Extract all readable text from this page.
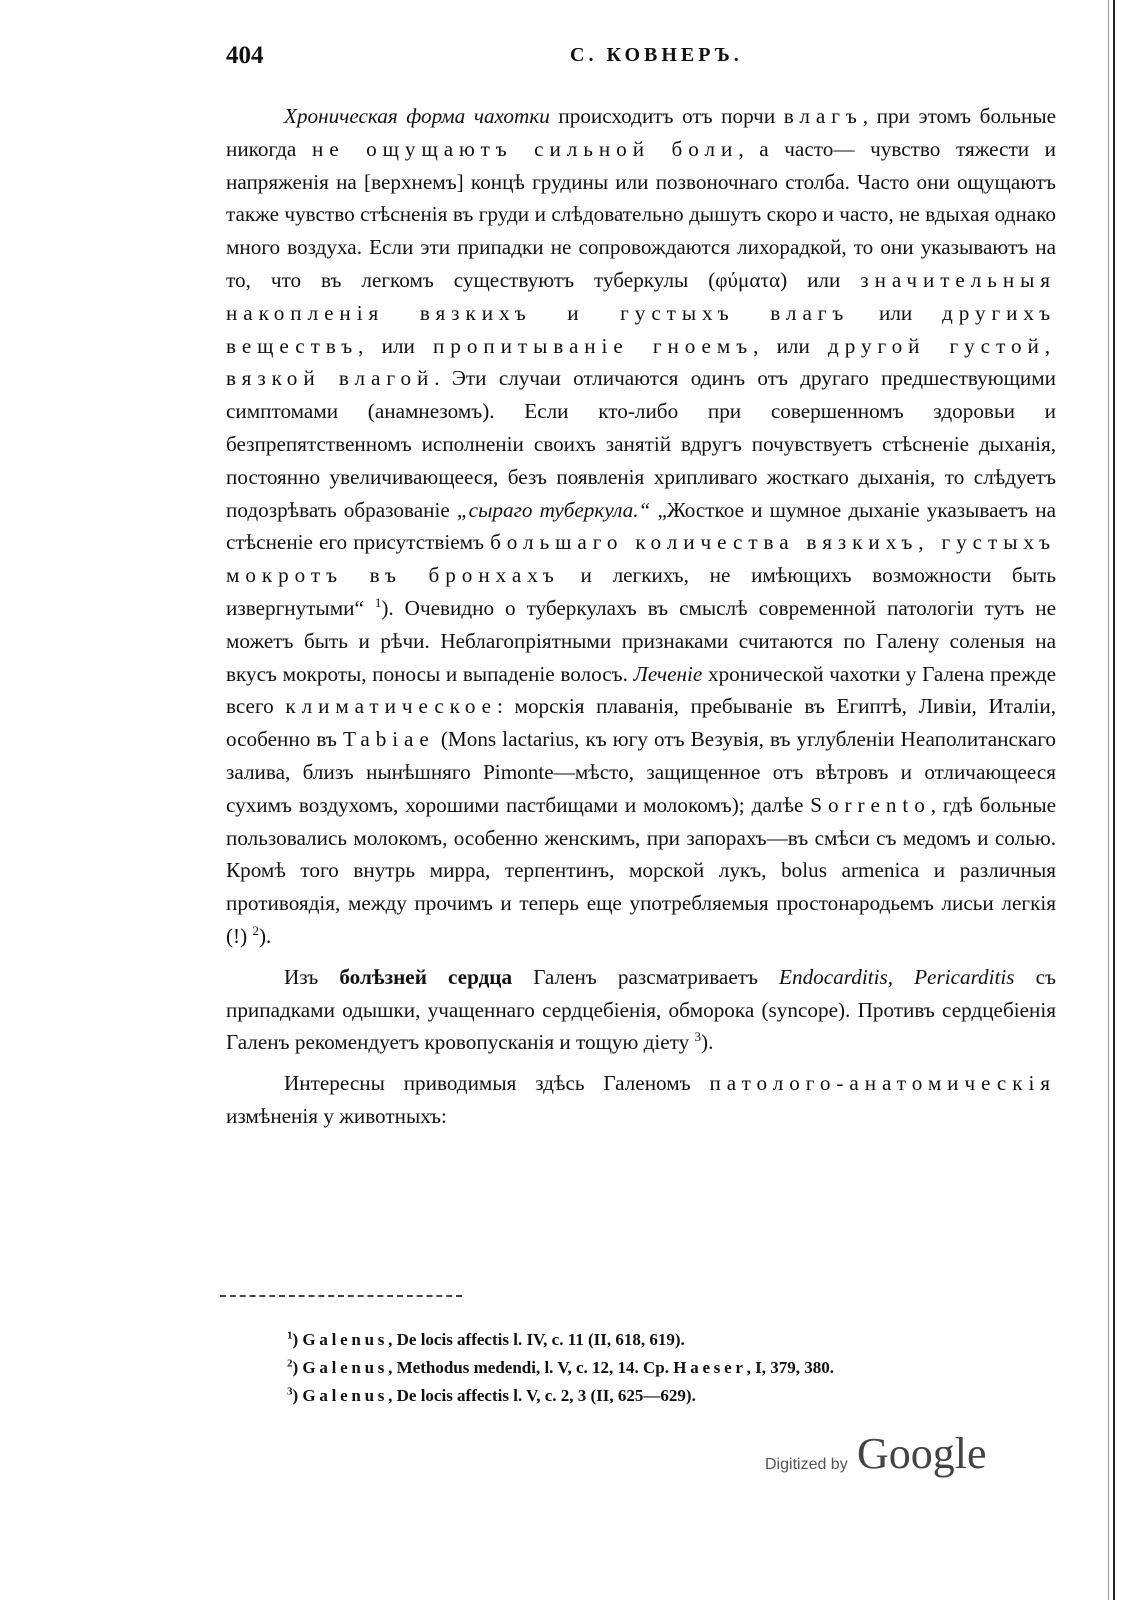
404	С. КОВНЕРЪ.

Хроническая форма чахотки происходитъ отъ порчи влагъ, при этомъ больные никогда не ощущаютъ сильной боли, а часто— чувство тяжести и напряженія на [верхнемъ] концѣ грудины или позвоночнаго столба. Часто они ощущаютъ также чувство стѣсненія въ груди и слѣдовательно дышутъ скоро и часто, не вдыхая однако много воздуха. Если эти припадки не сопровождаются лихорадкой, то они указываютъ на то, что въ легкомъ существуютъ туберкулы (φύματα) или значительныя накопленія вязкихъ и густыхъ влагъ или другихъ веществъ, или пропитываніе гноемъ, или другой густой, вязкой влагой. Эти случаи отличаются одинъ отъ другаго предшествующими симптомами (анамнезомъ). Если кто-либо при совершенномъ здоровьи и безпрепятственномъ исполненіи своихъ занятій вдругъ почувствуетъ стѣсненіе дыханія, постоянно увеличивающееся, безъ появленія хрипливаго жосткаго дыханія, то слѣдуетъ подозрѣвать образованіе „сыраго туберкула.“ „Жосткое и шумное дыханіе указываетъ на стѣсненіе его присутствіемъ большаго количества вязкихъ, густыхъ мокротъ въ бронхахъ и легкихъ, не имѣющихъ возможности быть извергнутыми“ $^1$). Очевидно о туберкулахъ въ смыслѣ современной патологіи тутъ не можетъ быть и рѣчи. Неблагопріятными признаками считаются по Галену соленыя на вкусъ мокроты, поносы и выпаденіе волосъ. Леченіе хронической чахотки у Галена прежде всего климатическое: морскія плаванія, пребываніе въ Египтѣ, Ливіи, Италіи, особенно въ Tabiae (Mons lactarius, къ югу отъ Везувія, въ углубленіи Неаполитанскаго залива, близъ нынѣшняго Pimonte—мѣсто, защищенное отъ вѣтровъ и отличающееся сухимъ воздухомъ, хорошими пастбищами и молокомъ); далѣе Sorrento, гдѣ больные пользовались молокомъ, особенно женскимъ, при запорахъ—въ смѣси съ медомъ и солью. Кромѣ того внутрь мирра, терпентинъ, морской лукъ, bolus armenica и различныя противоядія, между прочимъ и теперь еще употребляемыя простонародьемъ лисьи легкія (!) $^2$).

Изъ болѣзней сердца Галенъ разсматриваетъ Endocarditis, Pericarditis съ припадками одышки, учащеннаго сердцебіенія, обморока (syncope). Противъ сердцебіенія Галенъ рекомендуетъ кровопусканія и тощую діету $^3$).

Интересны приводимыя здѣсь Галеномъ патолого-анатомическія измѣненія у животныхъ:

$^1$) Galenus, De locis affectis l. IV, c. 11 (II, 618, 619).
$^2$) Galenus, Methodus medendi, l. V, c. 12, 14. Cp. Haeser, I, 379, 380.
$^3$) Galenus, De locis affectis l. V, c. 2, 3 (II, 625—629).
Digitized by Google
